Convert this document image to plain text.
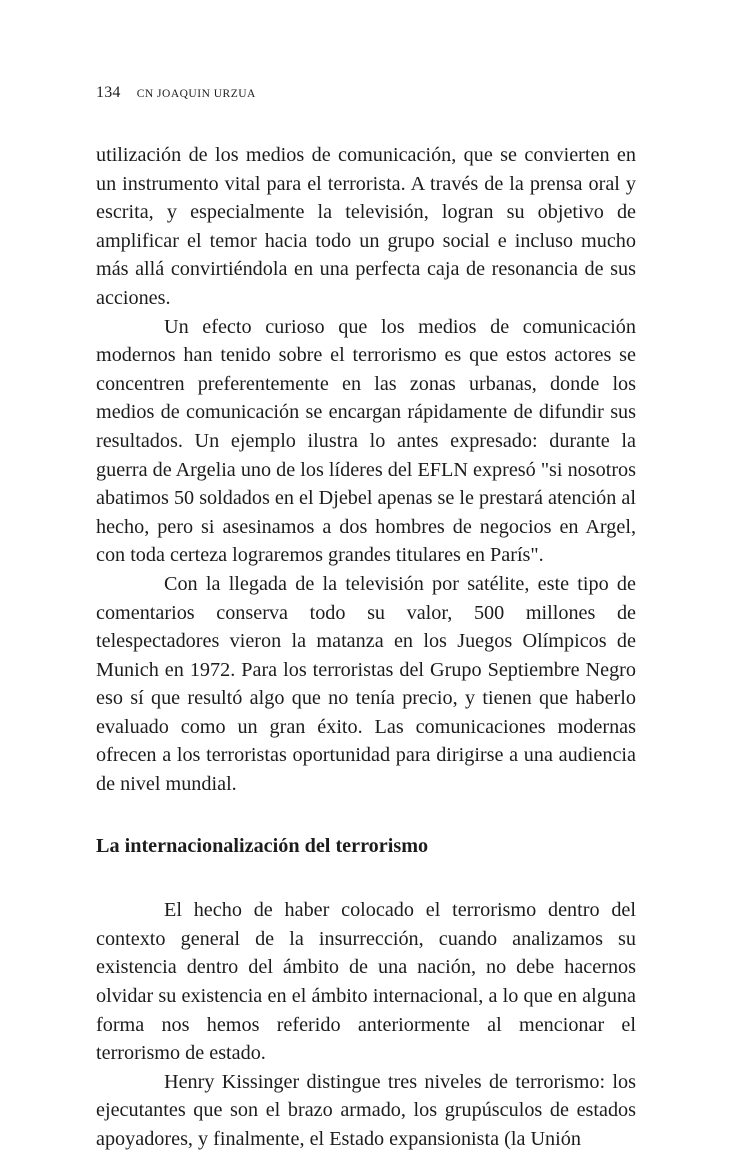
134 CN JOAQUIN URZUA

utilización de los medios de comunicación, que se convierten en un instrumento vital para el terrorista. A través de la prensa oral y escrita, y especialmente la televisión, logran su objetivo de amplificar el temor hacia todo un grupo social e incluso mucho más allá convirtiéndola en una perfecta caja de resonancia de sus acciones.

Un efecto curioso que los medios de comunicación modernos han tenido sobre el terrorismo es que estos actores se concentren preferentemente en las zonas urbanas, donde los medios de comunicación se encargan rápidamente de difundir sus resultados. Un ejemplo ilustra lo antes expresado: durante la guerra de Argelia uno de los líderes del EFLN expresó "si nosotros abatimos 50 soldados en el Djebel apenas se le prestará atención al hecho, pero si asesinamos a dos hombres de negocios en Argel, con toda certeza lograremos grandes titulares en París".

Con la llegada de la televisión por satélite, este tipo de comentarios conserva todo su valor, 500 millones de telespectadores vieron la matanza en los Juegos Olímpicos de Munich en 1972. Para los terroristas del Grupo Septiembre Negro eso sí que resultó algo que no tenía precio, y tienen que haberlo evaluado como un gran éxito. Las comunicaciones modernas ofrecen a los terroristas oportunidad para dirigirse a una audiencia de nivel mundial.

La internacionalización del terrorismo

El hecho de haber colocado el terrorismo dentro del contexto general de la insurrección, cuando analizamos su existencia dentro del ámbito de una nación, no debe hacernos olvidar su existencia en el ámbito internacional, a lo que en alguna forma nos hemos referido anteriormente al mencionar el terrorismo de estado.

Henry Kissinger distingue tres niveles de terrorismo: los ejecutantes que son el brazo armado, los grupúsculos de estados apoyadores, y finalmente, el Estado expansionista (la Unión
